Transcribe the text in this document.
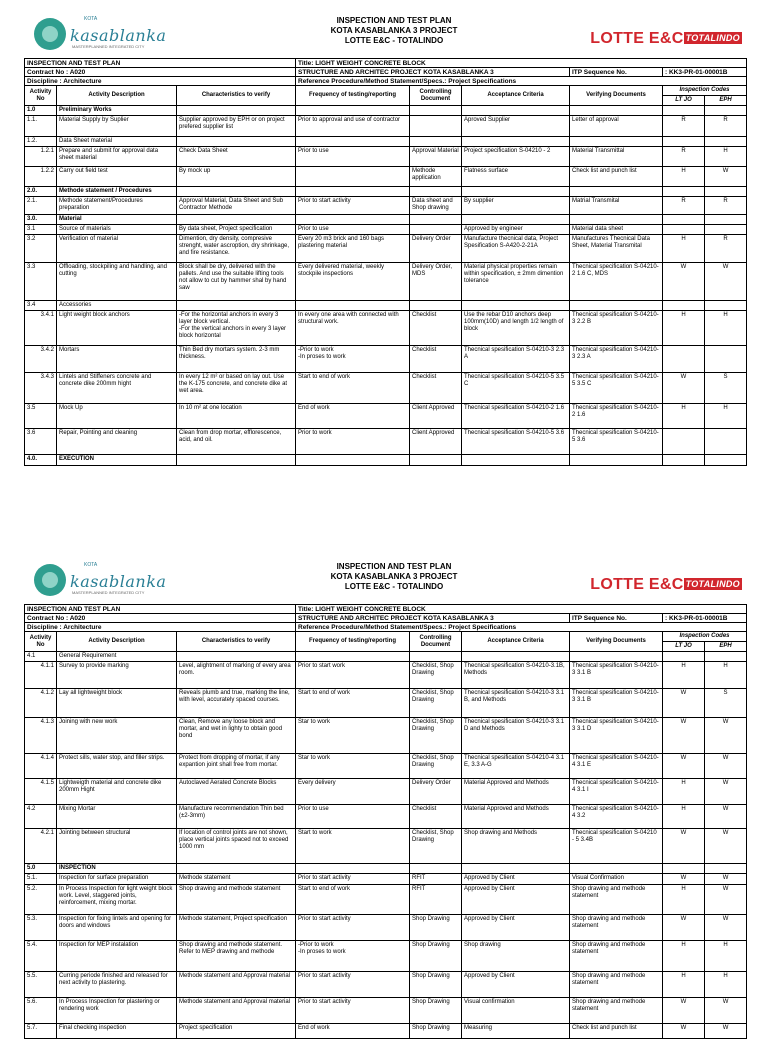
KOTA
kasablanka
MASTERPLANNED INTEGRATED CITY
INSPECTION AND TEST PLAN
KOTA KASABLANKA 3 PROJECT
LOTTE E&C - TOTALINDO	LOTTE E&C TOTALINDO
INSPECTION AND TEST PLAN			Title: LIGHT WEIGHT CONCRETE BLOCK					
Contract No : A020			STRUCTURE AND ARCHITEC PROJECT KOTA KASABLANKA 3			ITP Sequence No.	: KK3-PR-01-00001B	
Discipline : Architecture			Reference Procedure/Method Statement/Specs.: Project Specifications					
Activity No	Activity Description	Characteristics to verify	Frequency of testing/reporting	Controlling Document	Acceptance Criteria	Verifying Documents	Inspection Codes	
							LT JO	EPH
1.0	Preliminary Works							
1.1.	Material Supply by Suplier	Supplier approved by EPH or on project prefered supplier list	Prior to approval and use of contractor		Aproved Supplier	Letter of approval	R	R
1.2.	Data Sheet material							
1.2.1	Prepare and submit for approval data sheet material	Check Data Sheet	Prior to use	Approval Material	Project specification S-04210 - 2	Material Transmittal	R	H
1.2.2	Carry out field test	By mock up		Methode application	Flatness surface	Check list and punch list	H	W
2.0.	Methode statement / Procedures							
2.1.	Methode statement/Procedures preparation	Approval Material, Data Sheet and Sub Contractor Methode	Prior to start activity	Data sheet and Shop drawing	By supplier	Matrial Transmital	R	R
3.0.	Material							
3.1	Source of materials	By data sheet, Project specification	Prior to use		Approved by engineer	Material data sheet		
3.2	Verification of material	Dimention, dry density, compresive strenght, water ascroption, dry shrinkage, and fire resistance.	Every 20 m3 brick and 160 bags plastering material	Delivery Order	Manufacture thecnical data, Project Spesification S-A420-2-21A	Manufactures Thecnical Data Sheet, Material Transmital	H	R
3.3	Offloading, stockpiling and handling, and cutting	Block shall be dry, delivered with the pallets. And use the suitable lifting tools not allow to cut by hammer shal by hand saw	Every delivered material, weekly stockpile inspections	Delivery Order, MDS	Material physical properties remain within specification, ± 2mm dimention tolerance	Thecnical specification S-04210-2 1.6 C, MDS	W	W
3.4	Accessories							
3.4.1	Light weight block anchors	-For the horizontal anchors in every 3 layer block vertical.
-For the vertical anchors in every 3 layer block horizontal	In every one area with connected with structural work.	Checklist	Use the rebar D10 anchors deep 100mm(10D) and length 1/2 length of block	Thecnical spesification S-04210-3 2.2 B	H	H
3.4.2	Mortars	Thin Bed dry mortars system. 2-3 mm thickness.	-Prior to work
-In proses to work	Checklist	Thecnical spesification S-04210-3 2.3 A	Thecnical spesification S-04210-3 2.3 A		
3.4.3	Lintels and Stiffeners concrete and concrete dike 200mm hight	In every 12 m² or based on lay out. Use the K-175 concrete, and concrete dike at wet area.	Start to end of work	Checklist	Thecnical spesification S-04210-5 3.5 C	Thecnical spesification S-04210-5 3.5 C	W	S
3.5	Mock Up	In 10 m² at one location	End of work	Client Approved	Thecnical spesification S-04210-2 1.6	Thecnical spesification S-04210-2 1.6	H	H
3.6	Repair, Pointing and cleaning	Clean from drop mortar, efflorescence, acid, and oil.	Prior to work	Client Approved	Thecnical spesification S-04210-5 3.6	Thecnical spesification S-04210-5 3.6		
4.0.	EXECUTION							
KOTA
kasablanka
MASTERPLANNED INTEGRATED CITY
INSPECTION AND TEST PLAN
KOTA KASABLANKA 3 PROJECT
LOTTE E&C - TOTALINDO	LOTTE E&C TOTALINDO
INSPECTION AND TEST PLAN			Title: LIGHT WEIGHT CONCRETE BLOCK					
Contract No : A020			STRUCTURE AND ARCHITEC PROJECT KOTA KASABLANKA 3			ITP Sequence No.	: KK3-PR-01-00001B	
Discipline : Architecture			Reference Procedure/Method Statement/Specs.: Project Specifications					
Activity No	Activity Description	Characteristics to verify	Frequency of testing/reporting	Controlling Document	Acceptance Criteria	Verifying Documents	Inspection Codes	
							LT JO	EPH
4.1	General Requirement							
4.1.1	Survey to provide marking	Level, alightment of marking of every area room.	Prior to start work	Checklist, Shop Drawing	Thecnical spesification S-04210-3.1B, Methods	Thecnical spesification S-04210-3 3.1 B	H	H
4.1.2	Lay all lightweight block	Reveals plumb and true, marking the line, with level, accurately spaced courses.	Start to end of work	Checklist, Shop Drawing	Thecnical spesification S-04210-3 3.1 B, and Methods	Thecnical spesification S-04210-3 3.1 B	W	S
4.1.3	Joining with new work	Clean, Remove any loose block and mortar, and wet in lighty to obtain good bond	Star to work	Checklist, Shop Drawing	Thecnical spesification S-04210-3 3.1 D and Methods	Thecnical spesification S-04210-3 3.1 D	W	W
4.1.4	Protect sills, water stop, and filler strips.	Protect from dropping of mortar, if any expantion joint shall free from mortar.	Star to work	Checklist, Shop Drawing	Thecnical spesification S-04210-4 3.1 E, 3.3 A-G	Thecnical spesification S-04210-4 3.1 E	W	W
4.1.5	Lightweigth material and concrete dike 200mm Hight	Autoclaved Aerated Concrete Blocks	Every delivery	Delivery Order	Material Approved and Methods	Thecnical spesification S-04210-4 3.1 I	H	W
4.2	Mixing Mortar	Manufacture recommendation Thin bed (±2-3mm)	Prior to use	Checklist	Material Approved and Methods	Thecnical spesification S-04210-4 3.2	H	W
4.2.1	Jointing between structural	If location of control joints are not shown, place vertical joints spaced not to exceed 1000 mm	Start to work	Checklist, Shop Drawing	Shop drawing and Methods	Thecnical spesification S-04210 - 5 3.4B	W	W
5.0	INSPECTION							
5.1.	Inspection for surface preparation	Methode statement	Prior to start activity	RFIT	Approved by Client	Visual Confirmation	W	W
5.2.	In Process Inspection for light weight block work. Level, staggered joints, reinforcement, mixing mortar.	Shop drawing and methode statement	Start to end of work	RFIT	Approved by Client	Shop drawing and methode statement	H	W
5.3.	Inspection for fixing lintels and opening for doors and windows	Methode statement, Project specification	Prior to start activity	Shop Drawing	Approved by Client	Shop drawing and methode statement	W	W
5.4.	Inspection for MEP instalation	Shop drawing and methode statement. Refer to MEP drawing and methode	-Prior to work
-In proses to work	Shop Drawing	Shop drawing	Shop drawing and methode statement	H	H
5.5.	Curring periode finished and released for next activity to plastering.	Methode statement and Approval material	Prior to start activity	Shop Drawing	Approved by Client	Shop drawing and methode statement	H	H
5.6.	In Process Inspection for plastering or rendering work	Methode statement and Approval material	Prior to start activity	Shop Drawing	Visual confirmation	Shop drawing and methode statement	W	W
5.7.	Final checking inspection	Project specification	End of work	Shop Drawing	Measuring	Check list and punch list	W	W
